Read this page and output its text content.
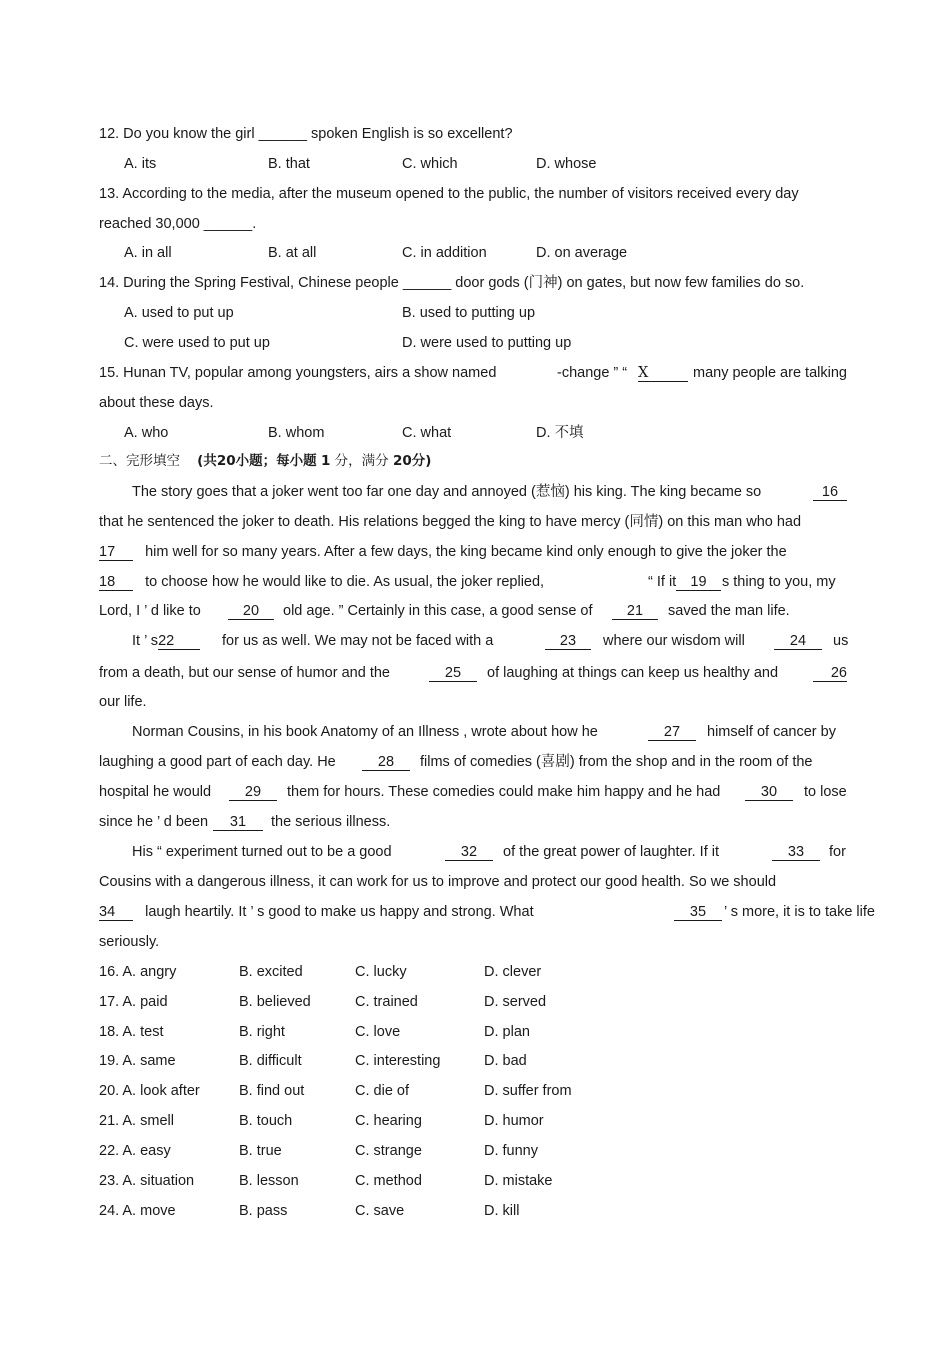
12. Do you know the girl ______ spoken English is so excellent?
A. its	B. that	C. which	D. whose
13. According to the media, after the museum opened to the public, the number of visitors received every day
reached 30,000 ______.
A. in all	B. at all	C. in addition	D. on average
14. During the Spring Festival, Chinese people ______ door gods (门神) on gates, but now few families do so.
A. used to put up	B. used to putting up
C. were used to put up	D. were used to putting up
15. Hunan TV, popular among youngsters, airs a show named	-change ” “ X	many people are talking
about these days.
A. who	B. whom	C. what	D. 不填
二、完形填空 (共20小题；每小题 1 分，满分 20分)
The story goes that a joker went too far one day and annoyed (惹恼) his king. The king became so	16
that he sentenced the joker to death. His relations begged the king to have mercy (同情) on this man who had
17 him well for so many years. After a few days, the king became kind only enough to give the joker the
18 to choose how he would like to die. As usual, the joker replied,	“ If it 19	s thing to you, my
Lord, I ’ d like to	20	old age. ” Certainly in this case, a good sense of	21	saved the man life.
It ’ s22	for us as well. We may not be faced with a	23	where our wisdom will	24	us
from a death, but our sense of humor and the	25	of laughing at things can keep us healthy and	26
our life.
Norman Cousins, in his book Anatomy of an Illness , wrote about how he	27	himself of cancer by
laughing a good part of each day. He	28	films of comedies (喜剧) from the shop and in the room of the
hospital he would	29	them for hours. These comedies could make him happy and he had	30	to lose
since he ’ d been	31	the serious illness.
His “ experiment turned out to be a good	32	of the great power of laughter. If it	33	for
Cousins with a dangerous illness, it can work for us to improve and protect our good health. So we should
34 laugh heartily. It ’ s good to make us happy and strong. What	35	’ s more, it is to take life
seriously.
16. A. angry	B. excited	C. lucky	D. clever
17. A. paid	B. believed	C. trained	D. served
18. A. test	B. right	C. love	D. plan
19. A. same	B. difficult	C. interesting	D. bad
20. A. look after	B. find out	C. die of	D. suffer from
21. A. smell	B. touch	C. hearing	D. humor
22. A. easy	B. true	C. strange	D. funny
23. A. situation	B. lesson	C. method	D. mistake
24. A. move	B. pass	C. save	D. kill
